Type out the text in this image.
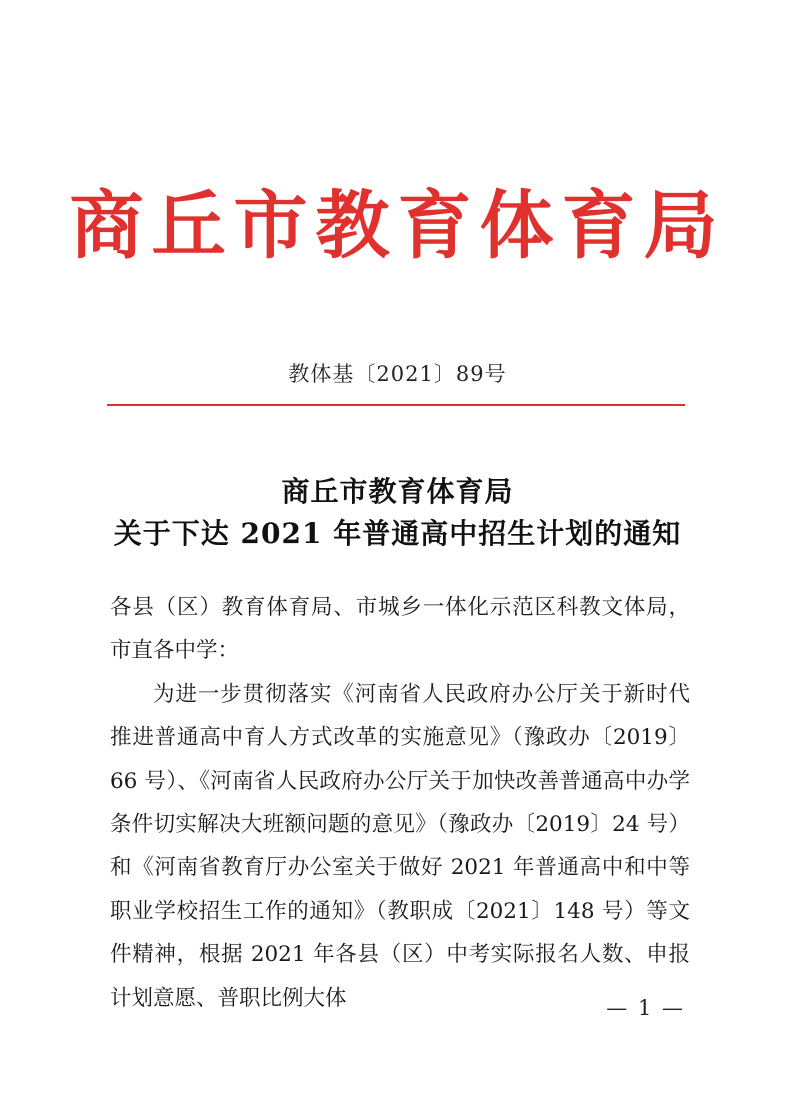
商丘市教育体育局
教体基〔2021〕89号
商丘市教育体育局
关于下达 2021 年普通高中招生计划的通知

各县（区）教育体育局、市城乡一体化示范区科教文体局，市直各中学：

为进一步贯彻落实《河南省人民政府办公厅关于新时代推进普通高中育人方式改革的实施意见》（豫政办〔2019〕66 号）、《河南省人民政府办公厅关于加快改善普通高中办学条件切实解决大班额问题的意见》（豫政办〔2019〕24 号）和《河南省教育厅办公室关于做好 2021 年普通高中和中等职业学校招生工作的通知》（教职成〔2021〕148 号）等文件精神，根据 2021 年各县（区）中考实际报名人数、申报计划意愿、普职比例大体	— 1 —
